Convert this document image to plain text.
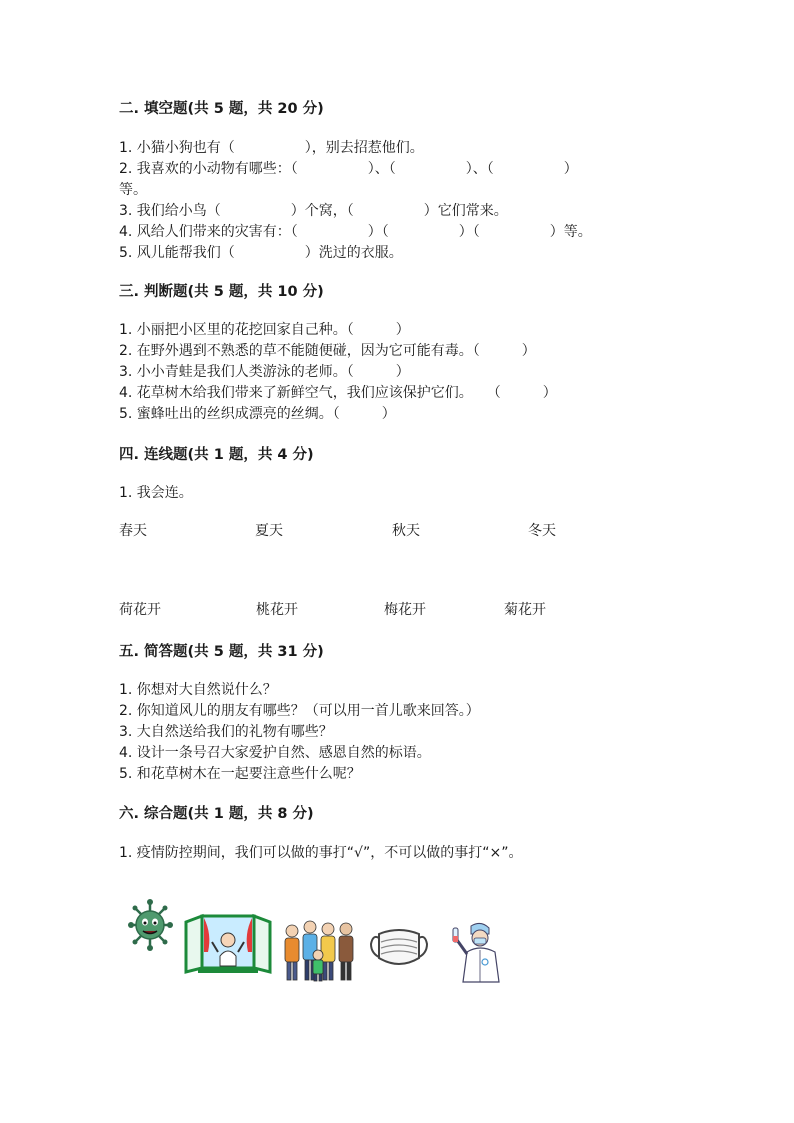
二. 填空题(共 5 题，共 20 分)
1. 小猫小狗也有（　　　　　），别去招惹他们。
2. 我喜欢的小动物有哪些：（　　　　　）、（　　　　　）、（　　　　　）
等。
3. 我们给小鸟（　　　　　）个窝，（　　　　　）它们常来。
4. 风给人们带来的灾害有：（　　　　　）（　　　　　）（　　　　　）等。
5. 风儿能帮我们（　　　　　）洗过的衣服。
三. 判断题(共 5 题，共 10 分)
1. 小丽把小区里的花挖回家自己种。（　　　）
2. 在野外遇到不熟悉的草不能随便碰，因为它可能有毒。（　　　）
3. 小小青蛙是我们人类游泳的老师。（　　　）
4. 花草树木给我们带来了新鲜空气，我们应该保护它们。　　（　　　）
5. 蜜蜂吐出的丝织成漂亮的丝绸。（　　　）
四. 连线题(共 1 题，共 4 分)
1. 我会连。
春天	夏天	秋天	冬天
荷花开	桃花开	梅花开	菊花开
五. 简答题(共 5 题，共 31 分)
1. 你想对大自然说什么？
2. 你知道风儿的朋友有哪些？（可以用一首儿歌来回答。）
3. 大自然送给我们的礼物有哪些？
4. 设计一条号召大家爱护自然、感恩自然的标语。
5. 和花草树木在一起要注意些什么呢？
六. 综合题(共 1 题，共 8 分)
1. 疫情防控期间，我们可以做的事打“√”，不可以做的事打“×”。
